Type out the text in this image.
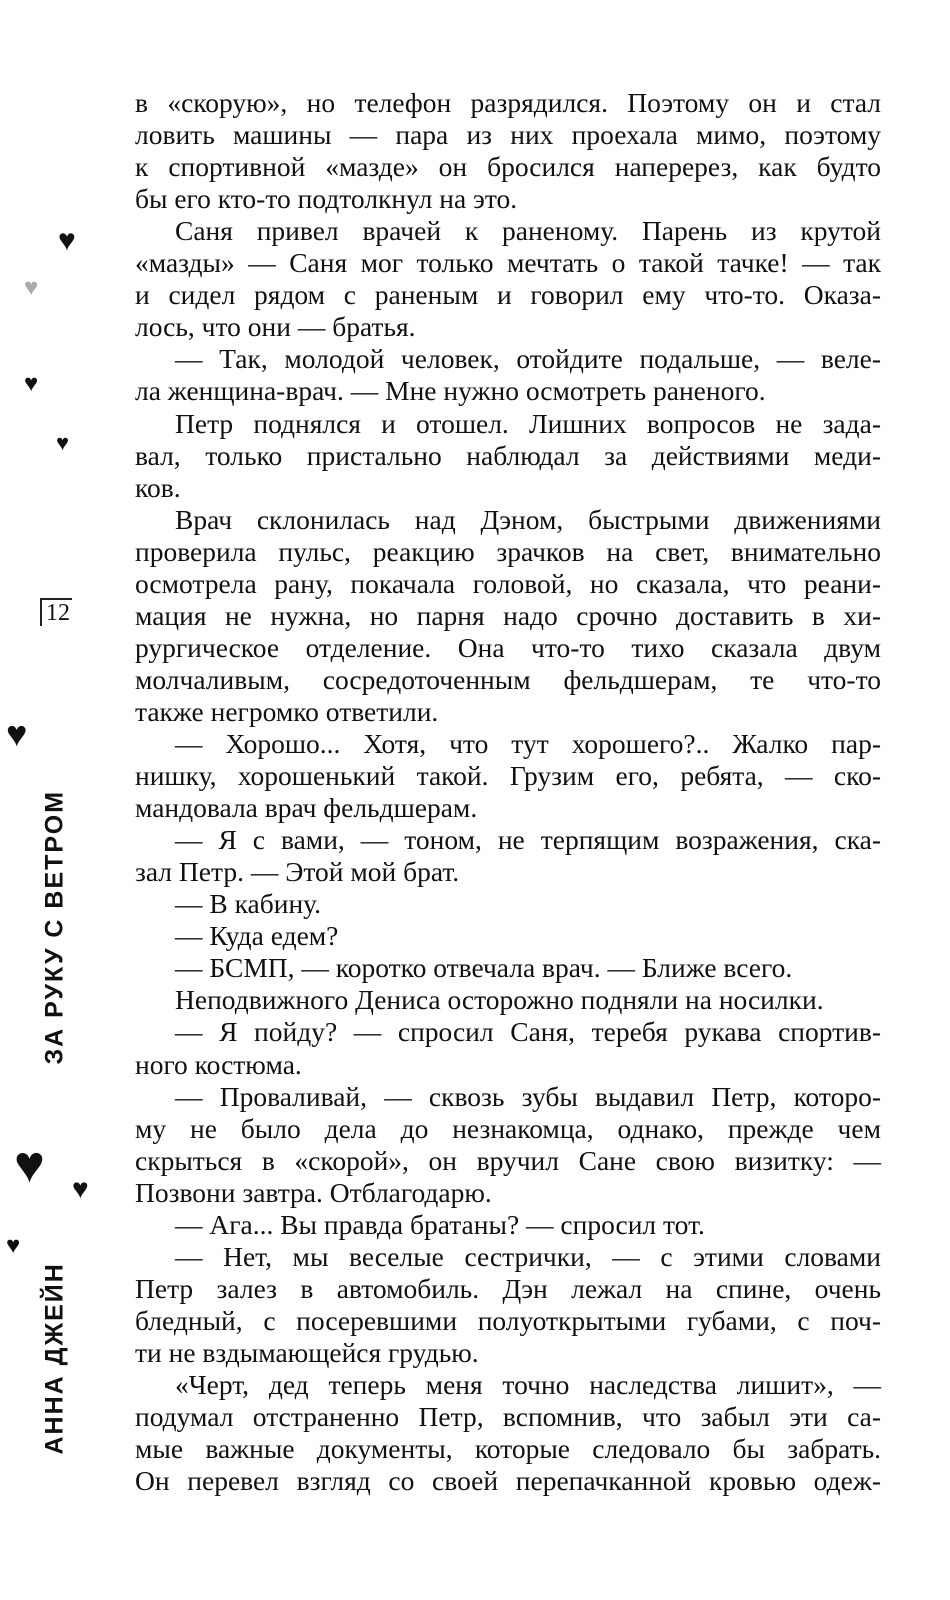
в «скорую», но телефон разрядился. Поэтому он и стал
ловить машины — пара из них проехала мимо, поэтому
к спортивной «мазде» он бросился наперерез, как будто
бы его кто-то подтолкнул на это.
Саня привел врачей к раненому. Парень из крутой
«мазды» — Саня мог только мечтать о такой тачке! — так
и сидел рядом с раненым и говорил ему что-то. Оказа-
лось, что они — братья.
— Так, молодой человек, отойдите подальше, — веле-
ла женщина-врач. — Мне нужно осмотреть раненого.
Петр поднялся и отошел. Лишних вопросов не зада-
вал, только пристально наблюдал за действиями меди-
ков.
Врач склонилась над Дэном, быстрыми движениями
проверила пульс, реакцию зрачков на свет, внимательно
осмотрела рану, покачала головой, но сказала, что реани-
мация не нужна, но парня надо срочно доставить в хи-
рургическое отделение. Она что-то тихо сказала двум
молчаливым, сосредоточенным фельдшерам, те что-то
также негромко ответили.
— Хорошо... Хотя, что тут хорошего?.. Жалко пар-
нишку, хорошенький такой. Грузим его, ребята, — ско-
мандовала врач фельдшерам.
— Я с вами, — тоном, не терпящим возражения, ска-
зал Петр. — Этой мой брат.
— В кабину.
— Куда едем?
— БСМП, — коротко отвечала врач. — Ближе всего.
Неподвижного Дениса осторожно подняли на носилки.
— Я пойду? — спросил Саня, теребя рукава спортив-
ного костюма.
— Проваливай, — сквозь зубы выдавил Петр, которо-
му не было дела до незнакомца, однако, прежде чем
скрыться в «скорой», он вручил Сане свою визитку: —
Позвони завтра. Отблагодарю.
— Ага... Вы правда братаны? — спросил тот.
— Нет, мы веселые сестрички, — с этими словами
Петр залез в автомобиль. Дэн лежал на спине, очень
бледный, с посеревшими полуоткрытыми губами, с поч-
ти не вздымающейся грудью.
«Черт, дед теперь меня точно наследства лишит», —
подумал отстраненно Петр, вспомнив, что забыл эти са-
мые важные документы, которые следовало бы забрать.
Он перевел взгляд со своей перепачканной кровью одеж-
12
ЗА РУКУ С ВЕТРОМ
АННА ДЖЕЙН
♥
♥
♥
♥
♥
♥ ♥
♥
